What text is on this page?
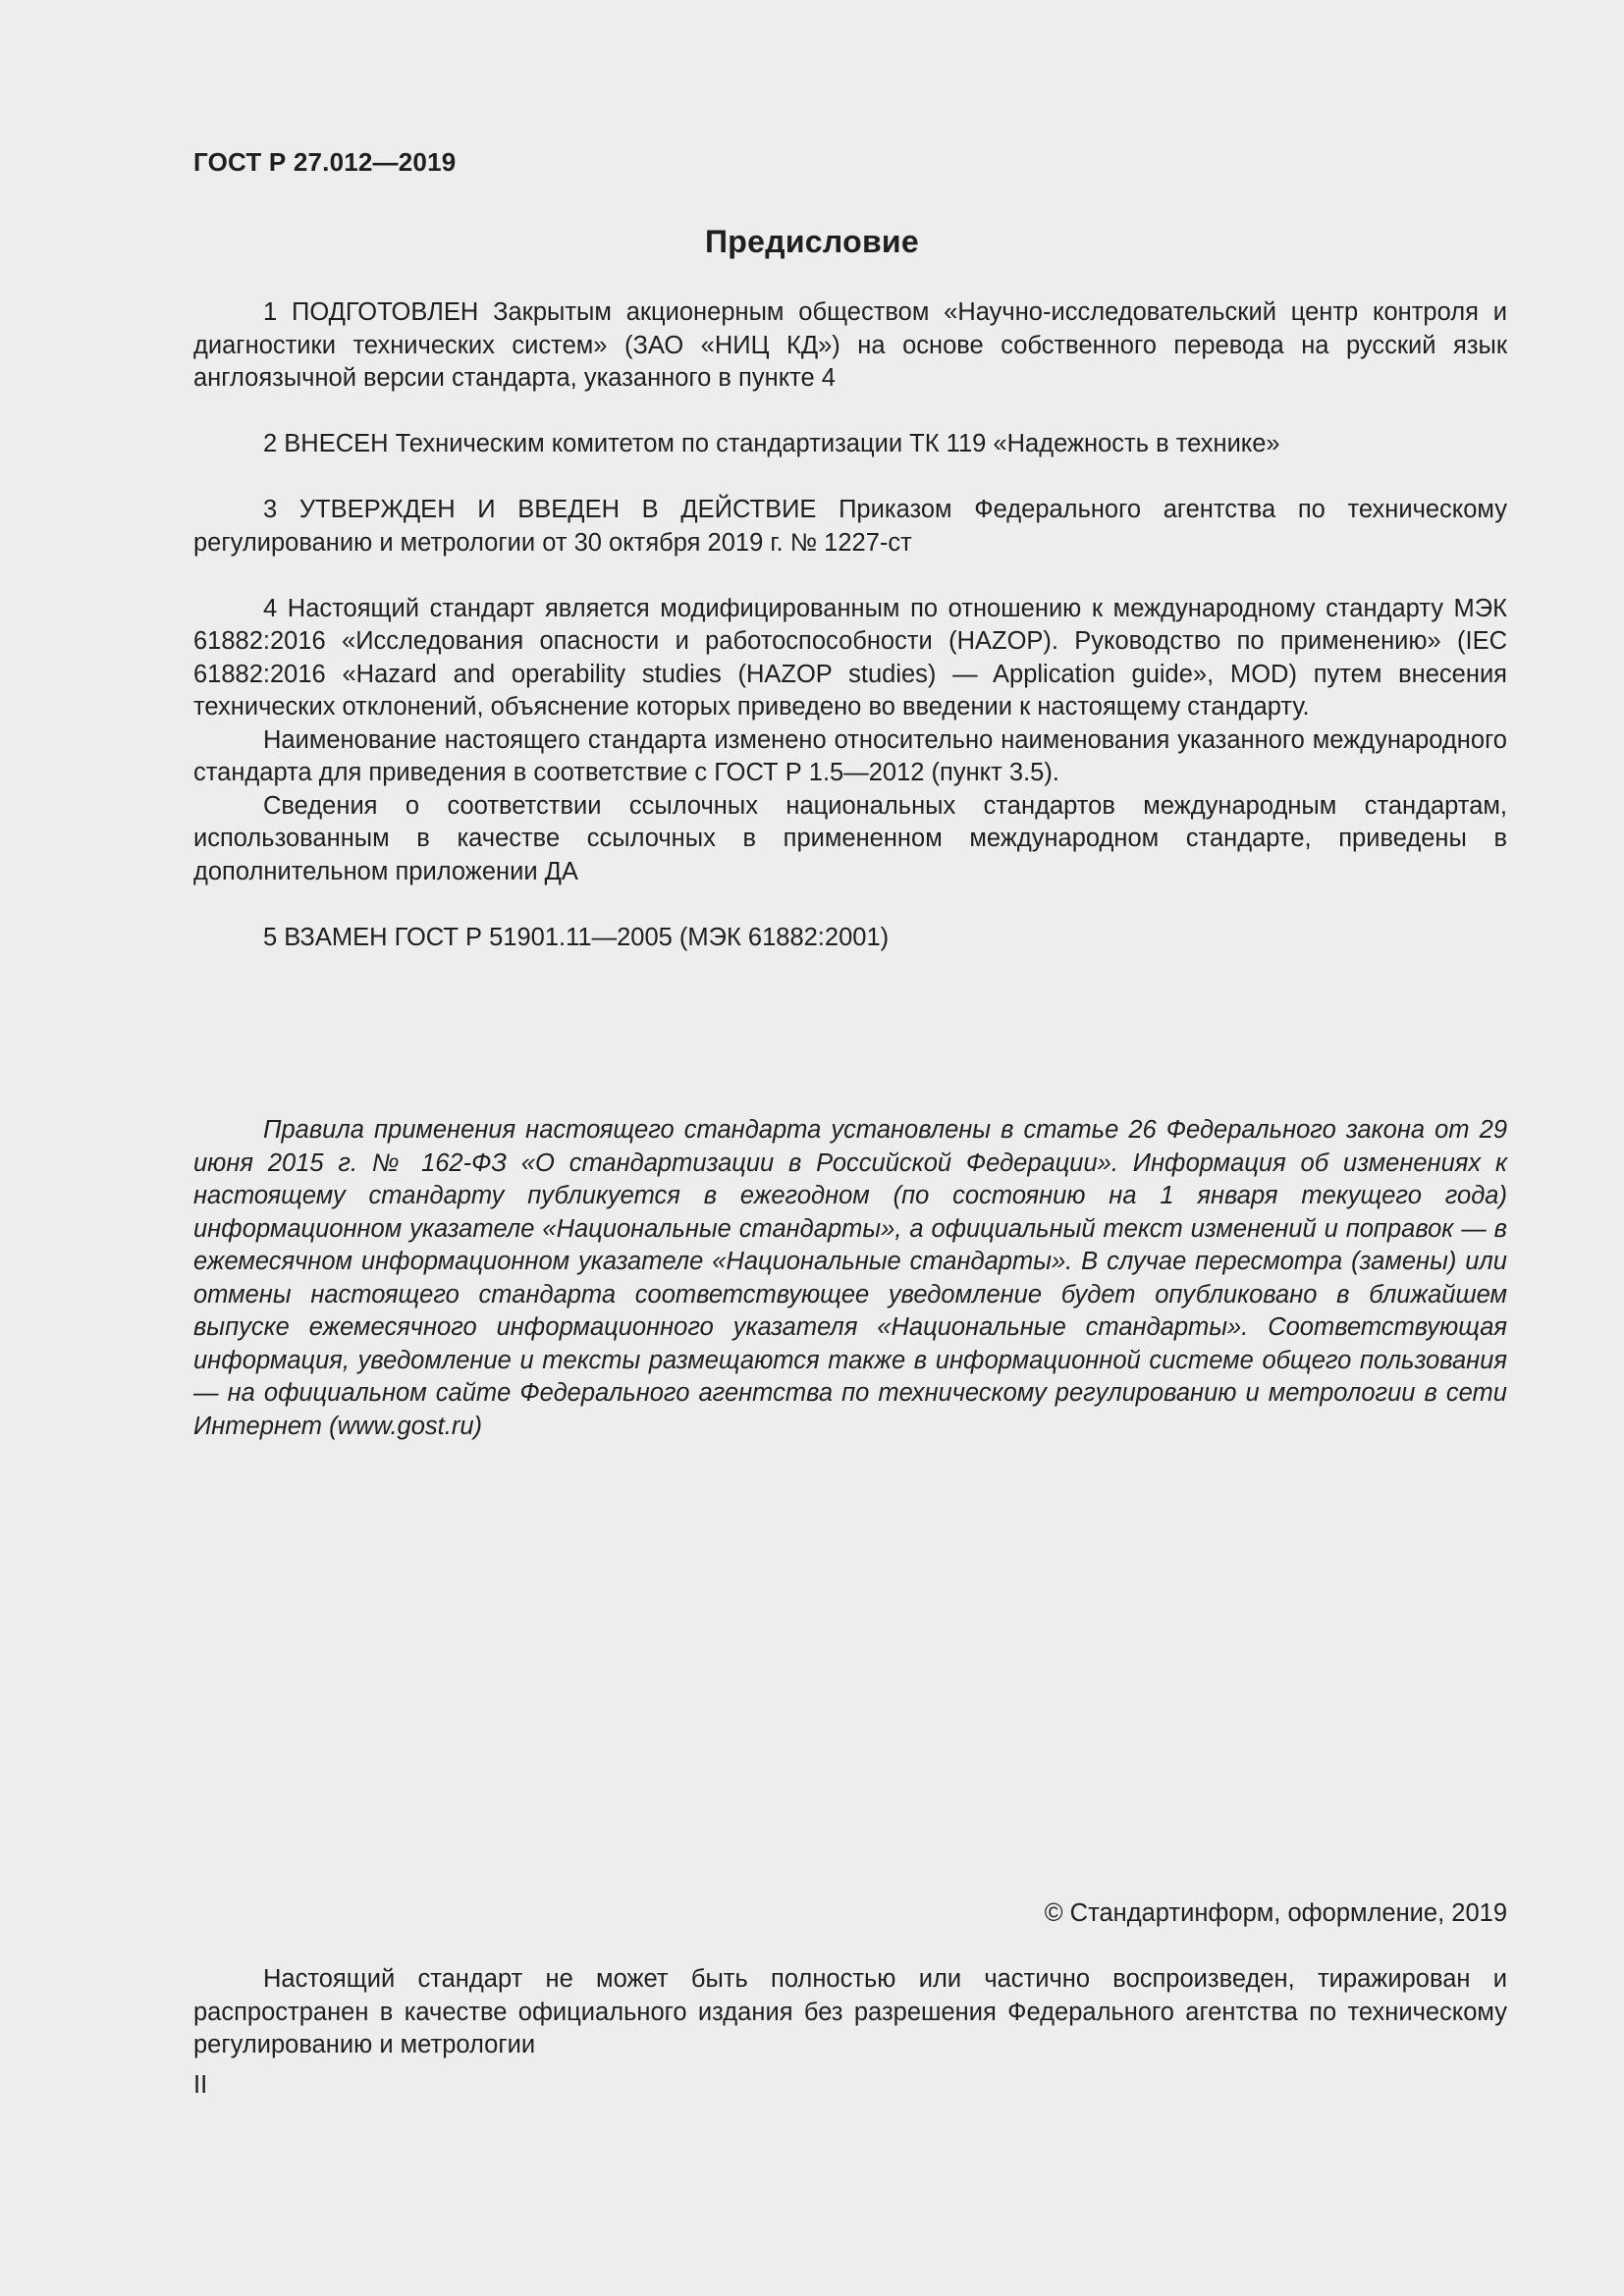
ГОСТ Р 27.012—2019
Предисловие

1 ПОДГОТОВЛЕН Закрытым акционерным обществом «Научно-исследовательский центр контроля и диагностики технических систем» (ЗАО «НИЦ КД») на основе собственного перевода на русский язык англоязычной версии стандарта, указанного в пункте 4

2 ВНЕСЕН Техническим комитетом по стандартизации ТК 119 «Надежность в технике»

3 УТВЕРЖДЕН И ВВЕДЕН В ДЕЙСТВИЕ Приказом Федерального агентства по техническому регулированию и метрологии от 30 октября 2019 г. № 1227-ст

4 Настоящий стандарт является модифицированным по отношению к международному стандарту МЭК 61882:2016 «Исследования опасности и работоспособности (HAZOP). Руководство по применению» (IEC 61882:2016 «Hazard and operability studies (HAZOP studies) — Application guide», MOD) путем внесения технических отклонений, объяснение которых приведено во введении к настоящему стандарту.

Наименование настоящего стандарта изменено относительно наименования указанного международного стандарта для приведения в соответствие с ГОСТ Р 1.5—2012 (пункт 3.5).

Сведения о соответствии ссылочных национальных стандартов международным стандартам, использованным в качестве ссылочных в примененном международном стандарте, приведены в дополнительном приложении ДА

5 ВЗАМЕН ГОСТ Р 51901.11—2005 (МЭК 61882:2001)

Правила применения настоящего стандарта установлены в статье 26 Федерального закона от 29 июня 2015 г. № 162-ФЗ «О стандартизации в Российской Федерации». Информация об изменениях к настоящему стандарту публикуется в ежегодном (по состоянию на 1 января текущего года) информационном указателе «Национальные стандарты», а официальный текст изменений и поправок — в ежемесячном информационном указателе «Национальные стандарты». В случае пересмотра (замены) или отмены настоящего стандарта соответствующее уведомление будет опубликовано в ближайшем выпуске ежемесячного информационного указателя «Национальные стандарты». Соответствующая информация, уведомление и тексты размещаются также в информационной системе общего пользования — на официальном сайте Федерального агентства по техническому регулированию и метрологии в сети Интернет (www.gost.ru)

© Стандартинформ, оформление, 2019

Настоящий стандарт не может быть полностью или частично воспроизведен, тиражирован и распространен в качестве официального издания без разрешения Федерального агентства по техническому регулированию и метрологии

II
